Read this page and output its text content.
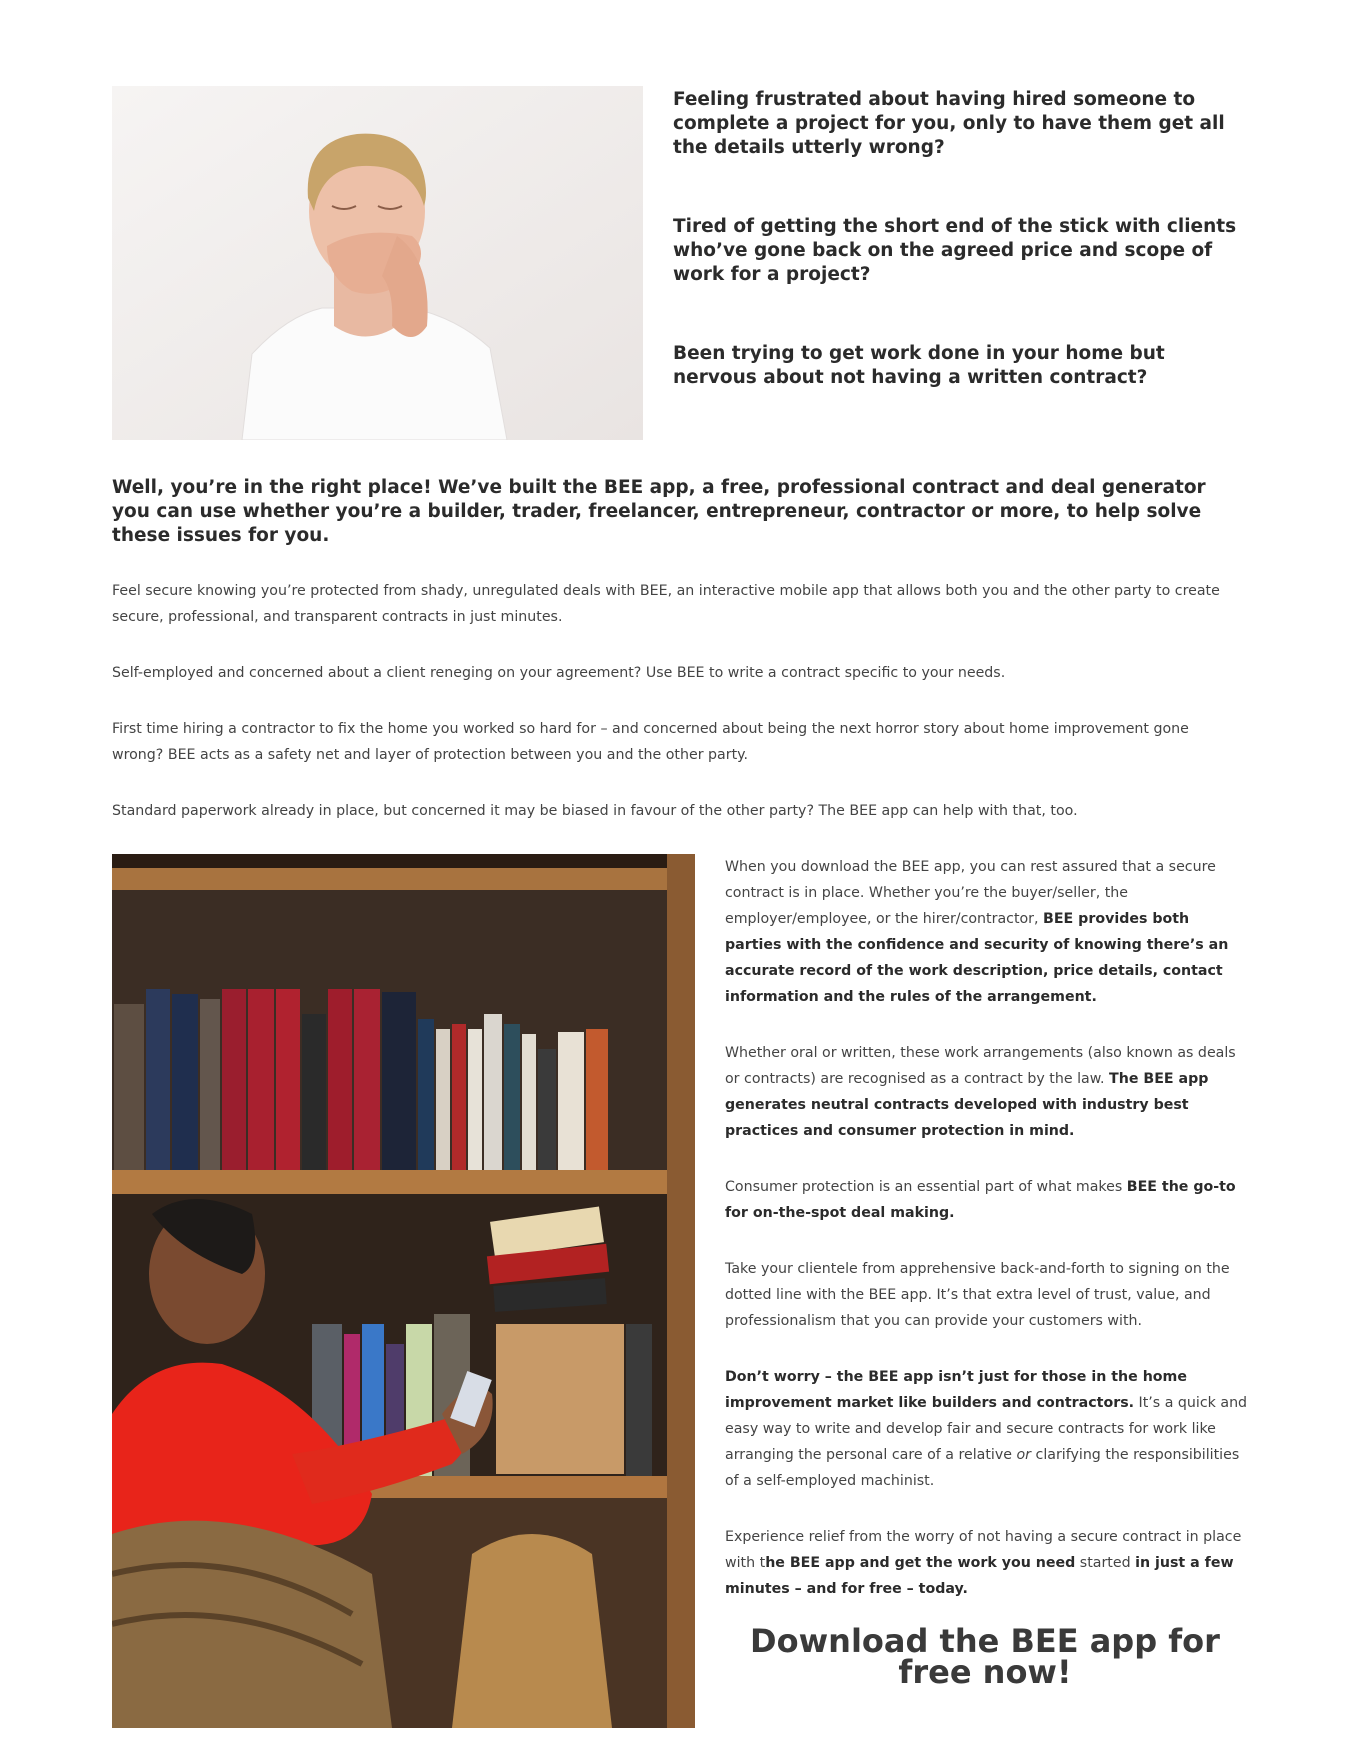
Feeling frustrated about having hired someone to complete a project for you, only to have them get all the details utterly wrong?

Tired of getting the short end of the stick with clients who’ve gone back on the agreed price and scope of work for a project?

Been trying to get work done in your home but nervous about not having a written contract?

Well, you’re in the right place! We’ve built the BEE app, a free, professional contract and deal generator you can use whether you’re a builder, trader, freelancer, entrepreneur, contractor or more, to help solve these issues for you.

Feel secure knowing you’re protected from shady, unregulated deals with BEE, an interactive mobile app that allows both you and the other party to create secure, professional, and transparent contracts in just minutes.

Self-employed and concerned about a client reneging on your agreement? Use BEE to write a contract specific to your needs.

First time hiring a contractor to fix the home you worked so hard for – and concerned about being the next horror story about home improvement gone wrong? BEE acts as a safety net and layer of protection between you and the other party.

Standard paperwork already in place, but concerned it may be biased in favour of the other party? The BEE app can help with that, too.

When you download the BEE app, you can rest assured that a secure contract is in place. Whether you’re the buyer/seller, the employer/employee, or the hirer/contractor, BEE provides both parties with the confidence and security of knowing there’s an accurate record of the work description, price details, contact information and the rules of the arrangement.

Whether oral or written, these work arrangements (also known as deals or contracts) are recognised as a contract by the law. The BEE app generates neutral contracts developed with industry best practices and consumer protection in mind.

Consumer protection is an essential part of what makes BEE the go-to for on-the-spot deal making.

Take your clientele from apprehensive back-and-forth to signing on the dotted line with the BEE app. It’s that extra level of trust, value, and professionalism that you can provide your customers with.

Don’t worry – the BEE app isn’t just for those in the home improvement market like builders and contractors. It’s a quick and easy way to write and develop fair and secure contracts for work like arranging the personal care of a relative or clarifying the responsibilities of a self-employed machinist.

Experience relief from the worry of not having a secure contract in place with the BEE app and get the work you need started in just a few minutes – and for free – today.

Download the BEE app for free now!
